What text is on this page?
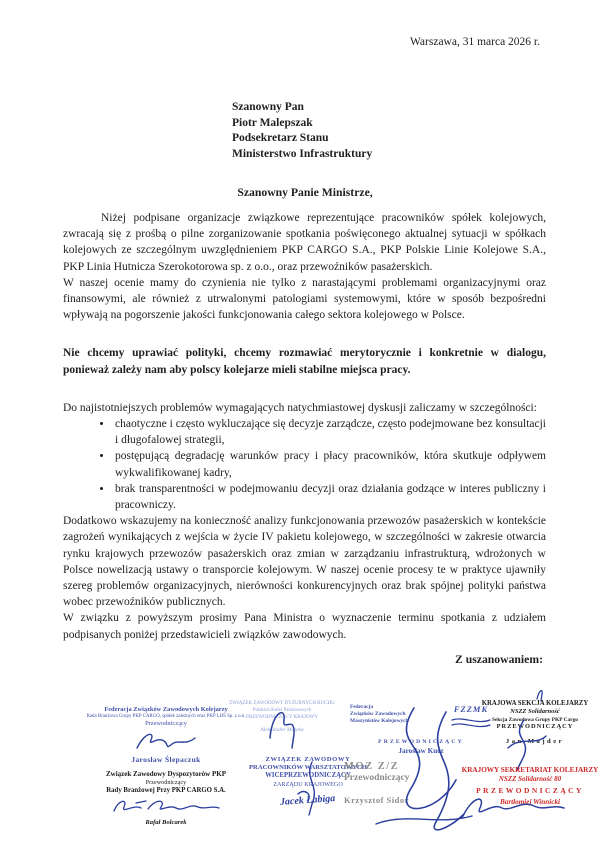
Warszawa, 31 marca 2026 r.
Szanowny Pan
Piotr Malepszak
Podsekretarz Stanu
Ministerstwo Infrastruktury
Szanowny Panie Ministrze,

Niżej podpisane organizacje związkowe reprezentujące pracowników spółek kolejowych, zwracają się z prośbą o pilne zorganizowanie spotkania poświęconego aktualnej sytuacji w spółkach kolejowych ze szczególnym uwzględnieniem PKP CARGO S.A., PKP Polskie Linie Kolejowe S.A., PKP Linia Hutnicza Szerokotorowa sp. z o.o., oraz przewoźników pasażerskich.

W naszej ocenie mamy do czynienia nie tylko z narastającymi problemami organizacyjnymi oraz finansowymi, ale również z utrwalonymi patologiami systemowymi, które w sposób bezpośredni wpływają na pogorszenie jakości funkcjonowania całego sektora kolejowego w Polsce.

Nie chcemy uprawiać polityki, chcemy rozmawiać merytorycznie i konkretnie w dialogu, ponieważ zależy nam aby polscy kolejarze mieli stabilne miejsca pracy.

Do najistotniejszych problemów wymagających natychmiastowej dyskusji zaliczamy w szczególności:

• chaotyczne i często wykluczające się decyzje zarządcze, często podejmowane bez konsultacji i długofalowej strategii,
• postępującą degradację warunków pracy i płacy pracowników, która skutkuje odpływem wykwalifikowanej kadry,
• brak transparentności w podejmowaniu decyzji oraz działania godzące w interes publiczny i pracowniczy.

Dodatkowo wskazujemy na konieczność analizy funkcjonowania przewozów pasażerskich w kontekście zagrożeń wynikających z wejścia w życie IV pakietu kolejowego, w szczególności w zakresie otwarcia rynku krajowych przewozów pasażerskich oraz zmian w zarządzaniu infrastrukturą, wdrożonych w Polsce nowelizacją ustawy o transporcie kolejowym. W naszej ocenie procesy te w praktyce ujawniły szereg problemów organizacyjnych, nierówności konkurencyjnych oraz brak spójnej polityki państwa wobec przewoźników publicznych.

W związku z powyższym prosimy Pana Ministra o wyznaczenie terminu spotkania z udziałem podpisanych poniżej przedstawicieli związków zawodowych.

Z uszanowaniem:
Federacja Związków Zawodowych Kolejarzy
Rada Branżowa Grupy PKP CARGO, spółek zależnych oraz PKP LHS Sp. z o.o.
Przewodniczący
Jarosław Ślepaczuk
Związek Zawodowy Dyspozytorów PKP
Przewodniczący
Rady Branżowej Przy PKP CARGO S.A.
Rafał Bolcarek
ZWIĄZEK ZAWODOWY DYŻURNYCH RUCHU
Polskich Kolei Państwowych
PRZEWODNICZĄCY KRAJOWY
Aleksander Motyka
ZWIĄZEK ZAWODOWY
PRACOWNIKÓW WARSZTATOWYCH
WICEPRZEWODNICZĄCY
ZARZĄDU KRAJOWEGO
Jacek Łabiga
Federacja
Związków Zawodowych
Maszynistów Kolejowych
FZZMK
PRZEWODNICZĄCY
Jarosław Kucz
MOZ Z/Z
Przewodniczący
Krzysztof Sidor
KRAJOWA SEKCJA KOLEJARZY
NSZZ Solidarność
Sekcja Zawodowa Grupy PKP Cargo
PRZEWODNICZĄCY
Jan Majder
KRAJOWY SEKRETARIAT KOLEJARZY
NSZZ Solidarność 80
PRZEWODNICZĄCY
Bartłomiej Winnicki
